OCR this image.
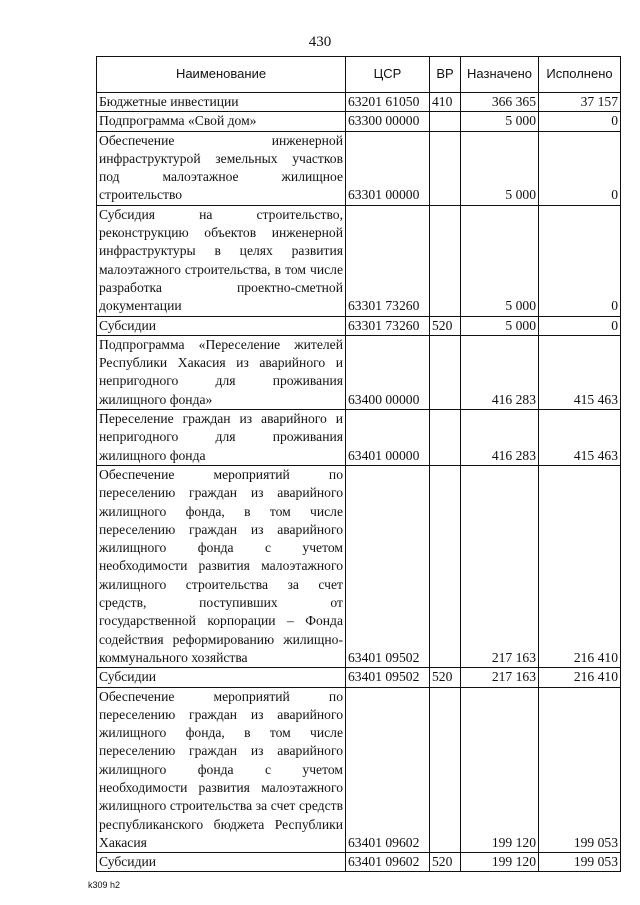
430
Наименование	ЦСР	ВР	Назначено	Исполнено
Бюджетные инвестиции	63201 61050	410	366 365	37 157
Подпрограмма «Свой дом»	63300 00000		5 000	0
Обеспечение инженерной инфраструктурой земельных участков под малоэтажное жилищное строительство	63301 00000		5 000	0
Субсидия на строительство, реконструкцию объектов инженерной инфраструктуры в целях развития малоэтажного строительства, в том числе разработка проектно-сметной документации	63301 73260		5 000	0
Субсидии	63301 73260	520	5 000	0
Подпрограмма «Переселение жителей Республики Хакасия из аварийного и непригодного для проживания жилищного фонда»	63400 00000		416 283	415 463
Переселение граждан из аварийного и непригодного для проживания жилищного фонда	63401 00000		416 283	415 463
Обеспечение мероприятий по переселению граждан из аварийного жилищного фонда, в том числе переселению граждан из аварийного жилищного фонда с учетом необходимости развития малоэтажного жилищного строительства за счет средств, поступивших от государственной корпорации – Фонда содействия реформированию жилищно-коммунального хозяйства	63401 09502		217 163	216 410
Субсидии	63401 09502	520	217 163	216 410
Обеспечение мероприятий по переселению граждан из аварийного жилищного фонда, в том числе переселению граждан из аварийного жилищного фонда с учетом необходимости развития малоэтажного жилищного строительства за счет средств республиканского бюджета Республики Хакасия	63401 09602		199 120	199 053
Субсидии	63401 09602	520	199 120	199 053
k309 h2
